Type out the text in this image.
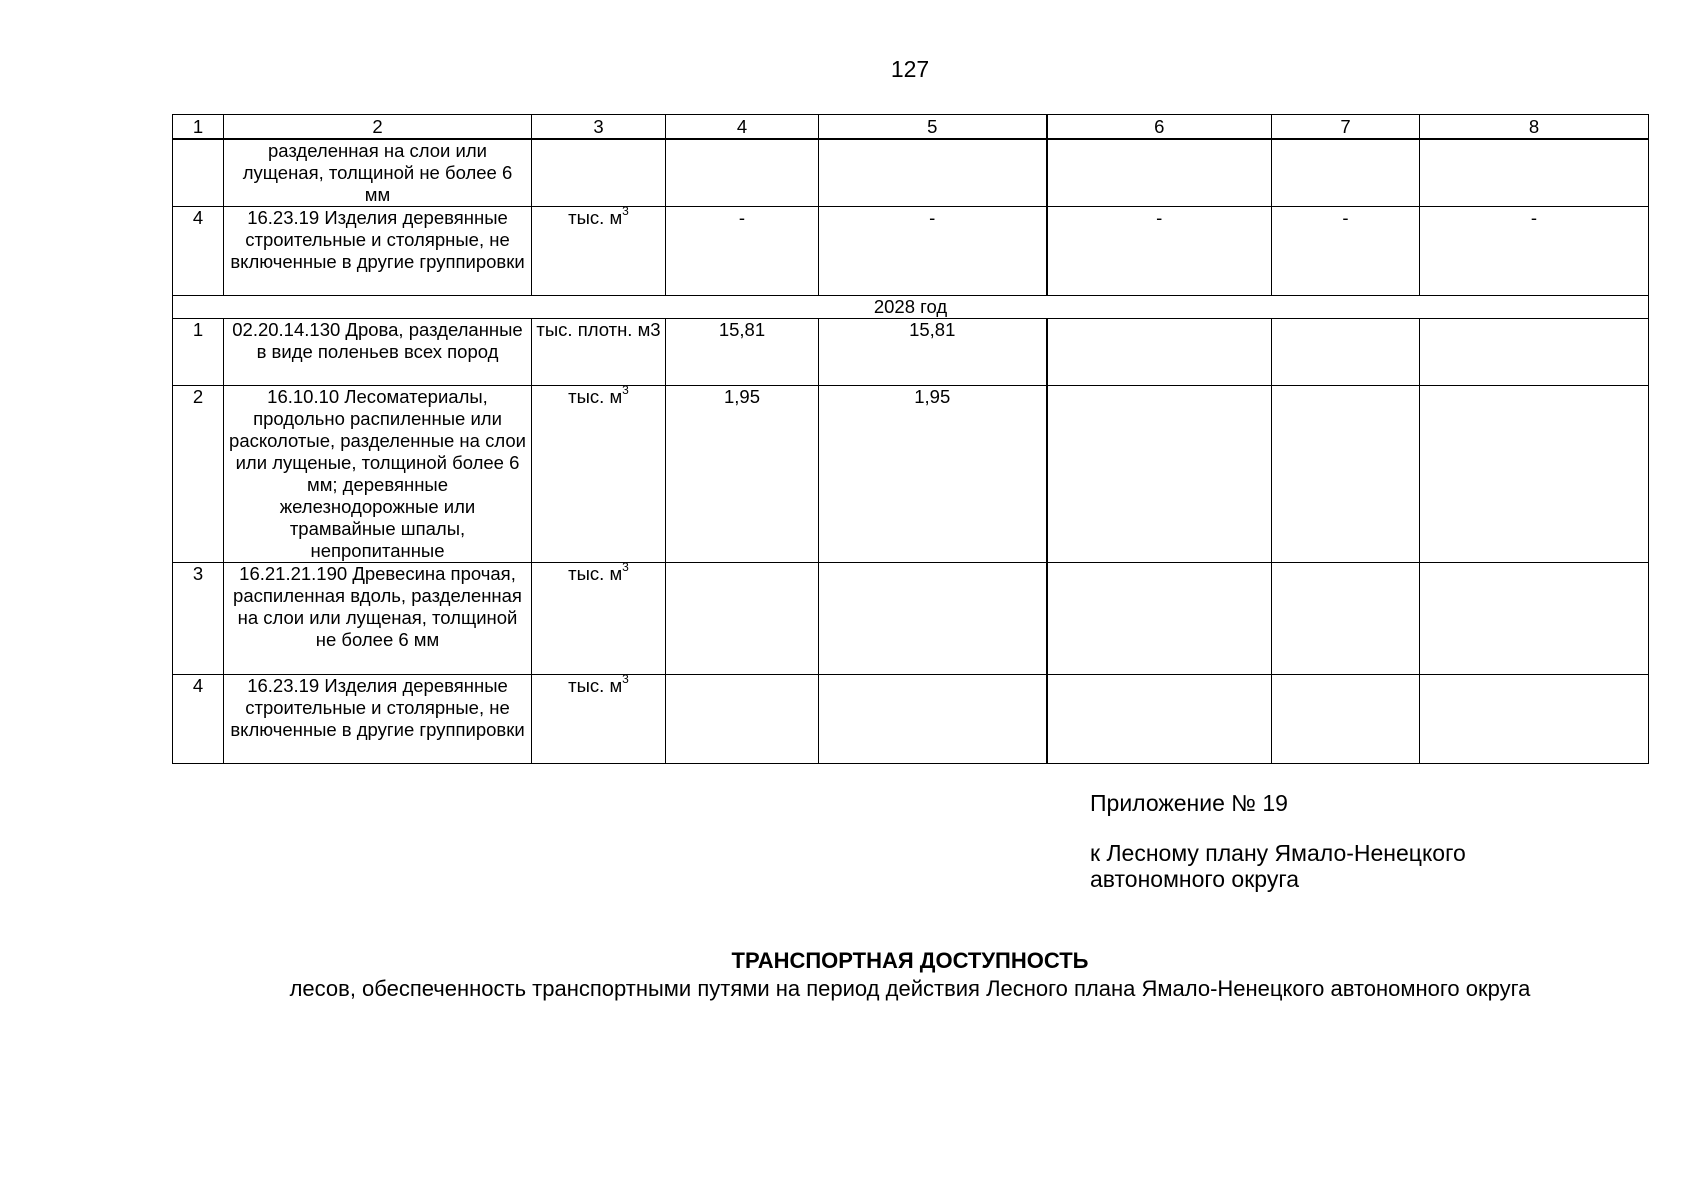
127
1	2	3	4	5	6	7	8
	разделенная на слои или лущеная, толщиной не более 6 мм						
4	16.23.19 Изделия деревянные строительные и столярные, не включенные в другие группировки	тыс. $м^3$	-	-	-	-	-
2028 год							
1	02.20.14.130 Дрова, разделанные в виде поленьев всех пород	тыс. плотн. м3	15,81	15,81			
2	16.10.10 Лесоматериалы, продольно распиленные или расколотые, разделенные на слои или лущеные, толщиной более 6 мм; деревянные железнодорожные или трамвайные шпалы, непропитанные	тыс. $м^3$	1,95	1,95			
3	16.21.21.190 Древесина прочая, распиленная вдоль, разделенная на слои или лущеная, толщиной не более 6 мм	тыс. $м^3$					
4	16.23.19 Изделия деревянные строительные и столярные, не включенные в другие группировки	тыс. $м^3$					
Приложение № 19
к Лесному плану Ямало-Ненецкого
автономного округа
ТРАНСПОРТНАЯ ДОСТУПНОСТЬ
лесов, обеспеченность транспортными путями на период действия Лесного плана Ямало-Ненецкого автономного округа
